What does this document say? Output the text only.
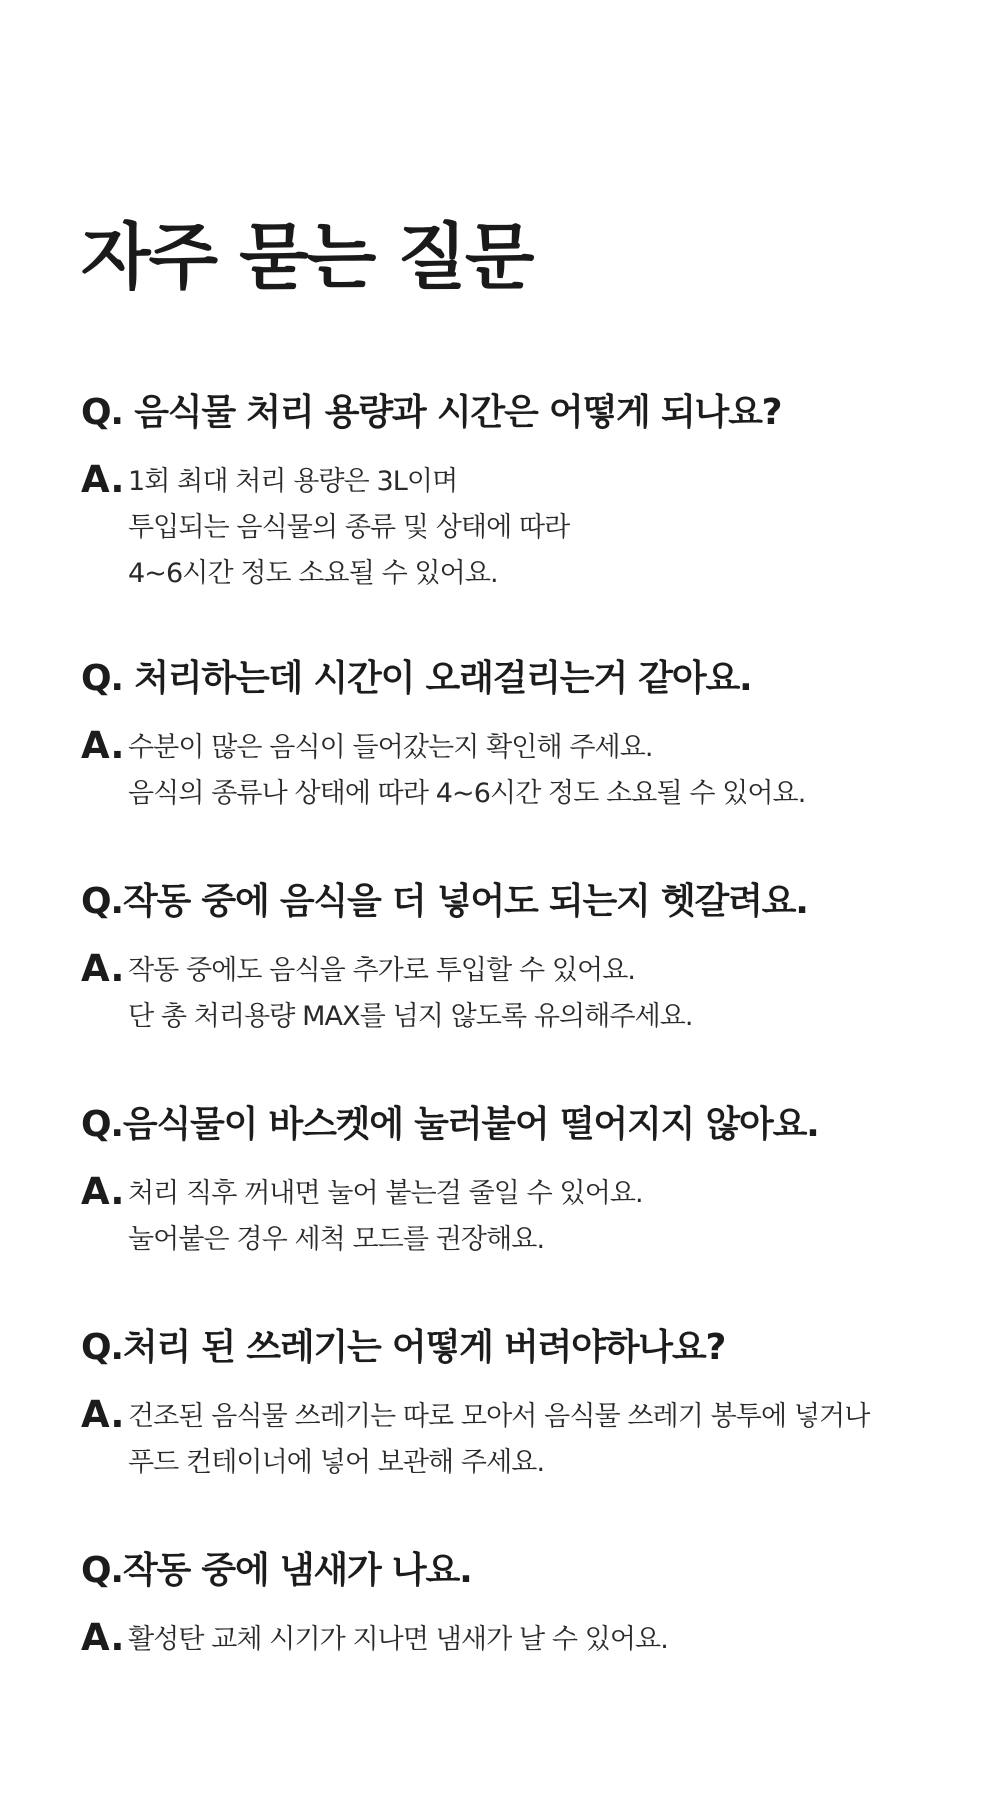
자주 묻는 질문
Q. 음식물 처리 용량과 시간은 어떻게 되나요?
A. 1회 최대 처리 용량은 3L이며
투입되는 음식물의 종류 및 상태에 따라
4~6시간 정도 소요될 수 있어요.
Q. 처리하는데 시간이 오래걸리는거 같아요.
A. 수분이 많은 음식이 들어갔는지 확인해 주세요.
음식의 종류나 상태에 따라 4~6시간 정도 소요될 수 있어요.
Q.작동 중에 음식을 더 넣어도 되는지 헷갈려요.
A. 작동 중에도 음식을 추가로 투입할 수 있어요.
단 총 처리용량 MAX를 넘지 않도록 유의해주세요.
Q.음식물이 바스켓에 눌러붙어 떨어지지 않아요.
A. 처리 직후 꺼내면 눌어 붙는걸 줄일 수 있어요.
눌어붙은 경우 세척 모드를 권장해요.
Q.처리 된 쓰레기는 어떻게 버려야하나요?
A. 건조된 음식물 쓰레기는 따로 모아서 음식물 쓰레기 봉투에 넣거나
푸드 컨테이너에 넣어 보관해 주세요.
Q.작동 중에 냄새가 나요.
A. 활성탄 교체 시기가 지나면 냄새가 날 수 있어요.
